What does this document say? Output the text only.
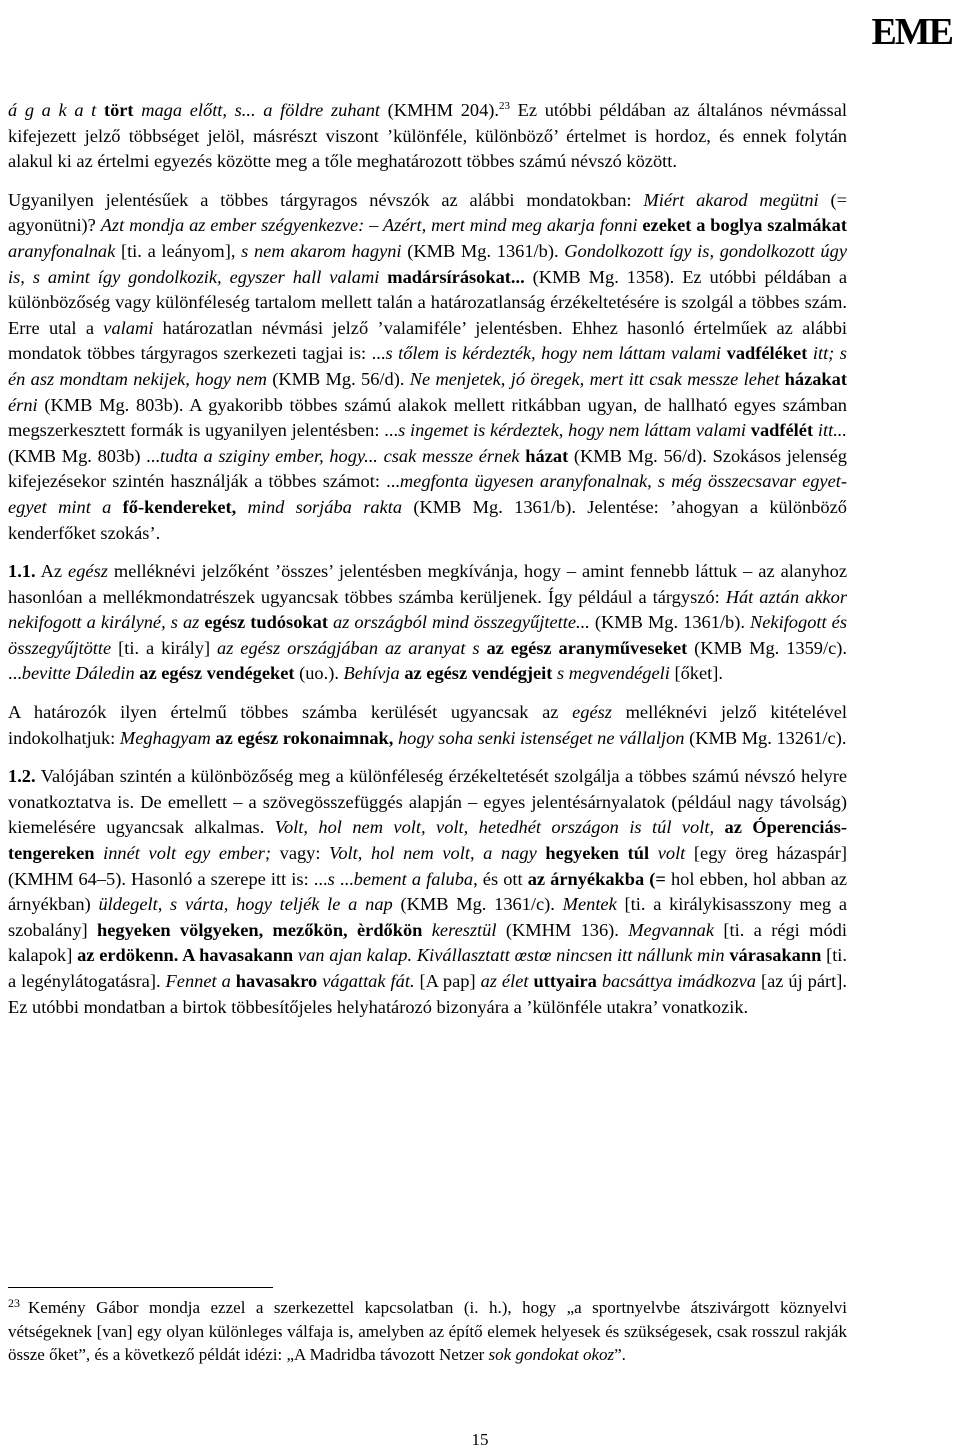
EME

á g a k a t tört maga előtt, s... a földre zuhant (KMHM 204).$^{23}$ Ez utóbbi példában az általános névmással kifejezett jelző többséget jelöl, másrészt viszont ’különféle, különböző’ értelmet is hordoz, és ennek folytán alakul ki az értelmi egyezés közötte meg a tőle meghatározott többes számú névszó között.

Ugyanilyen jelentésűek a többes tárgyragos névszók az alábbi mondatokban: Miért akarod megütni (= agyonütni)? Azt mondja az ember szégyenkezve: – Azért, mert mind meg akarja fonni ezeket a boglya szalmákat aranyfonalnak [ti. a leányom], s nem akarom hagyni (KMB Mg. 1361/b). Gondolkozott így is, gondolkozott úgy is, s amint így gondolkozik, egyszer hall valami madársírásokat... (KMB Mg. 1358). Ez utóbbi példában a különbözőség vagy különféleség tartalom mellett talán a határozatlanság érzékeltetésére is szolgál a többes szám. Erre utal a valami határozatlan névmási jelző ’valamiféle’ jelentésben. Ehhez hasonló értelműek az alábbi mondatok többes tárgyragos szerkezeti tagjai is: ...s tőlem is kérdezték, hogy nem láttam valami vadféléket itt; s én asz mondtam nekijek, hogy nem (KMB Mg. 56/d). Ne menjetek, jó öregek, mert itt csak messze lehet házakat érni (KMB Mg. 803b). A gyakoribb többes számú alakok mellett ritkábban ugyan, de hallható egyes számban megszerkesztett formák is ugyanilyen jelentésben: ...s ingemet is kérdeztek, hogy nem láttam valami vadfélét itt... (KMB Mg. 803b) ...tudta a sziginy ember, hogy... csak messze érnek házat (KMB Mg. 56/d). Szokásos jelenség kifejezésekor szintén használják a többes számot: ...megfonta ügyesen aranyfonalnak, s még összecsavar egyet-egyet mint a fő-kendereket, mind sorjába rakta (KMB Mg. 1361/b). Jelentése: ’ahogyan a különböző kenderfőket szokás’.

1.1. Az egész melléknévi jelzőként ’összes’ jelentésben megkívánja, hogy – amint fennebb láttuk – az alanyhoz hasonlóan a mellékmondatrészek ugyancsak többes számba kerüljenek. Így például a tárgyszó: Hát aztán akkor nekifogott a királyné, s az egész tudósokat az országból mind összegyűjtette... (KMB Mg. 1361/b). Nekifogott és összegyűjtötte [ti. a király] az egész országjában az aranyat s az egész aranyműveseket (KMB Mg. 1359/c). ...bevitte Dáledin az egész vendégeket (uo.). Behívja az egész vendégjeit s megvendégeli [őket].

A határozók ilyen értelmű többes számba kerülését ugyancsak az egész melléknévi jelző kitételével indokolhatjuk: Meghagyam az egész rokonaimnak, hogy soha senki istenséget ne vállaljon (KMB Mg. 13261/c).

1.2. Valójában szintén a különbözőség meg a különféleség érzékeltetését szolgálja a többes számú névszó helyre vonatkoztatva is. De emellett – a szövegösszefüggés alapján – egyes jelentésárnyalatok (például nagy távolság) kiemelésére ugyancsak alkalmas. Volt, hol nem volt, volt, hetedhét országon is túl volt, az Óperenciás-tengereken innét volt egy ember; vagy: Volt, hol nem volt, a nagy hegyeken túl volt [egy öreg házaspár] (KMHM 64–5). Hasonló a szerepe itt is: ...s ...bement a faluba, és ott az árnyékakba (= hol ebben, hol abban az árnyékban) üldegelt, s várta, hogy teljék le a nap (KMB Mg. 1361/c). Mentek [ti. a királykisasszony meg a szobalány] hegyeken völgyeken, mezőkön, èrdőkön keresztül (KMHM 136). Megvannak [ti. a régi módi kalapok] az erdökenn. A havasakann van ajan kalap. Kivállasztatt œstœ nincsen itt nállunk min várasakann [ti. a legénylátogatásra]. Fennet a havasakro vágattak fát. [A pap] az élet uttyaira bacsáttya imádkozva [az új párt]. Ez utóbbi mondatban a birtok többesítőjeles helyhatározó bizonyára a ’különféle utakra’ vonatkozik.

23 Kemény Gábor mondja ezzel a szerkezettel kapcsolatban (i. h.), hogy „a sportnyelvbe átszivárgott köznyelvi vétségeknek [van] egy olyan különleges válfaja is, amelyben az építő elemek helyesek és szükségesek, csak rosszul rakják össze őket”, és a következő példát idézi: „A Madridba távozott Netzer sok gondokat okoz”.

15
